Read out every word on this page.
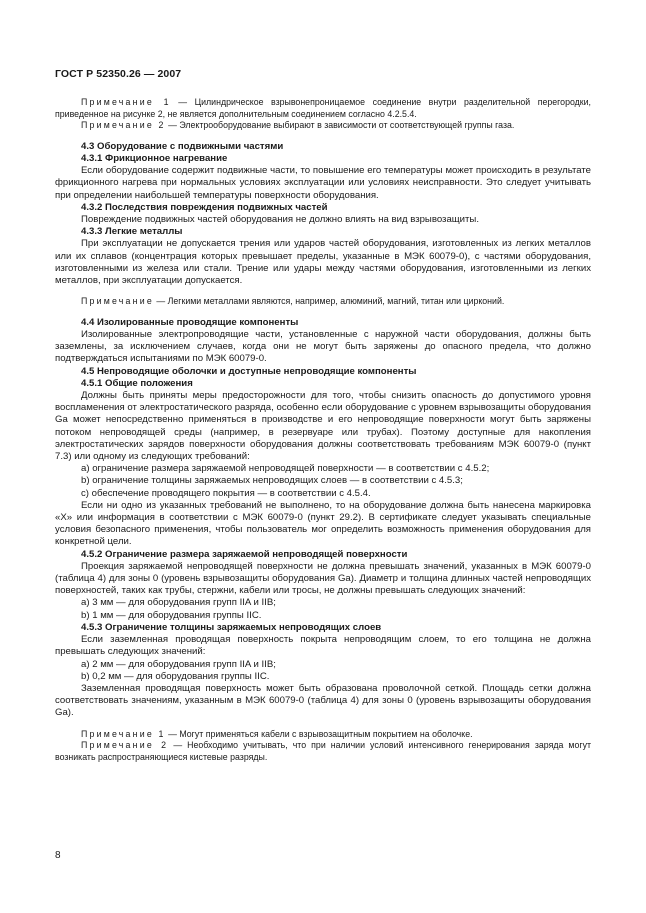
ГОСТ Р 52350.26 — 2007

Примечание 1 — Цилиндрическое взрывонепроницаемое соединение внутри разделительной перегородки, приведенное на рисунке 2, не является дополнительным соединением согласно 4.2.5.4.

Примечание 2 — Электрооборудование выбирают в зависимости от соответствующей группы газа.

4.3 Оборудование с подвижными частями

4.3.1 Фрикционное нагревание

Если оборудование содержит подвижные части, то повышение его температуры может происходить в результате фрикционного нагрева при нормальных условиях эксплуатации или условиях неисправности. Это следует учитывать при определении наибольшей температуры поверхности оборудования.

4.3.2 Последствия повреждения подвижных частей

Повреждение подвижных частей оборудования не должно влиять на вид взрывозащиты.

4.3.3 Легкие металлы

При эксплуатации не допускается трения или ударов частей оборудования, изготовленных из легких металлов или их сплавов (концентрация которых превышает пределы, указанные в МЭК 60079-0), с частями оборудования, изготовленными из железа или стали. Трение или удары между частями оборудования, изготовленными из легких металлов, при эксплуатации допускается.

Примечание — Легкими металлами являются, например, алюминий, магний, титан или цирконий.

4.4 Изолированные проводящие компоненты

Изолированные электропроводящие части, установленные с наружной части оборудования, должны быть заземлены, за исключением случаев, когда они не могут быть заряжены до опасного предела, что должно подтверждаться испытаниями по МЭК 60079-0.

4.5 Непроводящие оболочки и доступные непроводящие компоненты

4.5.1 Общие положения

Должны быть приняты меры предосторожности для того, чтобы снизить опасность до допустимого уровня воспламенения от электростатического разряда, особенно если оборудование с уровнем взрывозащиты оборудования Ga может непосредственно применяться в производстве и его непроводящие поверхности могут быть заряжены потоком непроводящей среды (например, в резервуаре или трубах). Поэтому доступные для накопления электростатических зарядов поверхности оборудования должны соответствовать требованиям МЭК 60079-0 (пункт 7.3) или одному из следующих требований:

a) ограничение размера заряжаемой непроводящей поверхности — в соответствии с 4.5.2;

b) ограничение толщины заряжаемых непроводящих слоев — в соответствии с 4.5.3;

c) обеспечение проводящего покрытия — в соответствии с 4.5.4.

Если ни одно из указанных требований не выполнено, то на оборудование должна быть нанесена маркировка «X» или информация в соответствии с МЭК 60079-0 (пункт 29.2). В сертификате следует указывать специальные условия безопасного применения, чтобы пользователь мог определить возможность применения оборудования для конкретной цели.

4.5.2 Ограничение размера заряжаемой непроводящей поверхности

Проекция заряжаемой непроводящей поверхности не должна превышать значений, указанных в МЭК 60079-0 (таблица 4) для зоны 0 (уровень взрывозащиты оборудования Ga). Диаметр и толщина длинных частей непроводящих поверхностей, таких как трубы, стержни, кабели или тросы, не должны превышать следующих значений:

a) 3 мм — для оборудования групп IIA и IIB;

b) 1 мм — для оборудования группы IIC.

4.5.3 Ограничение толщины заряжаемых непроводящих слоев

Если заземленная проводящая поверхность покрыта непроводящим слоем, то его толщина не должна превышать следующих значений:

a) 2 мм — для оборудования групп IIA и IIB;

b) 0,2 мм — для оборудования группы IIC.

Заземленная проводящая поверхность может быть образована проволочной сеткой. Площадь сетки должна соответствовать значениям, указанным в МЭК 60079-0 (таблица 4) для зоны 0 (уровень взрывозащиты оборудования Ga).

Примечание 1 — Могут применяться кабели с взрывозащитным покрытием на оболочке.

Примечание 2 — Необходимо учитывать, что при наличии условий интенсивного генерирования заряда могут возникать распространяющиеся кистевые разряды.

8
